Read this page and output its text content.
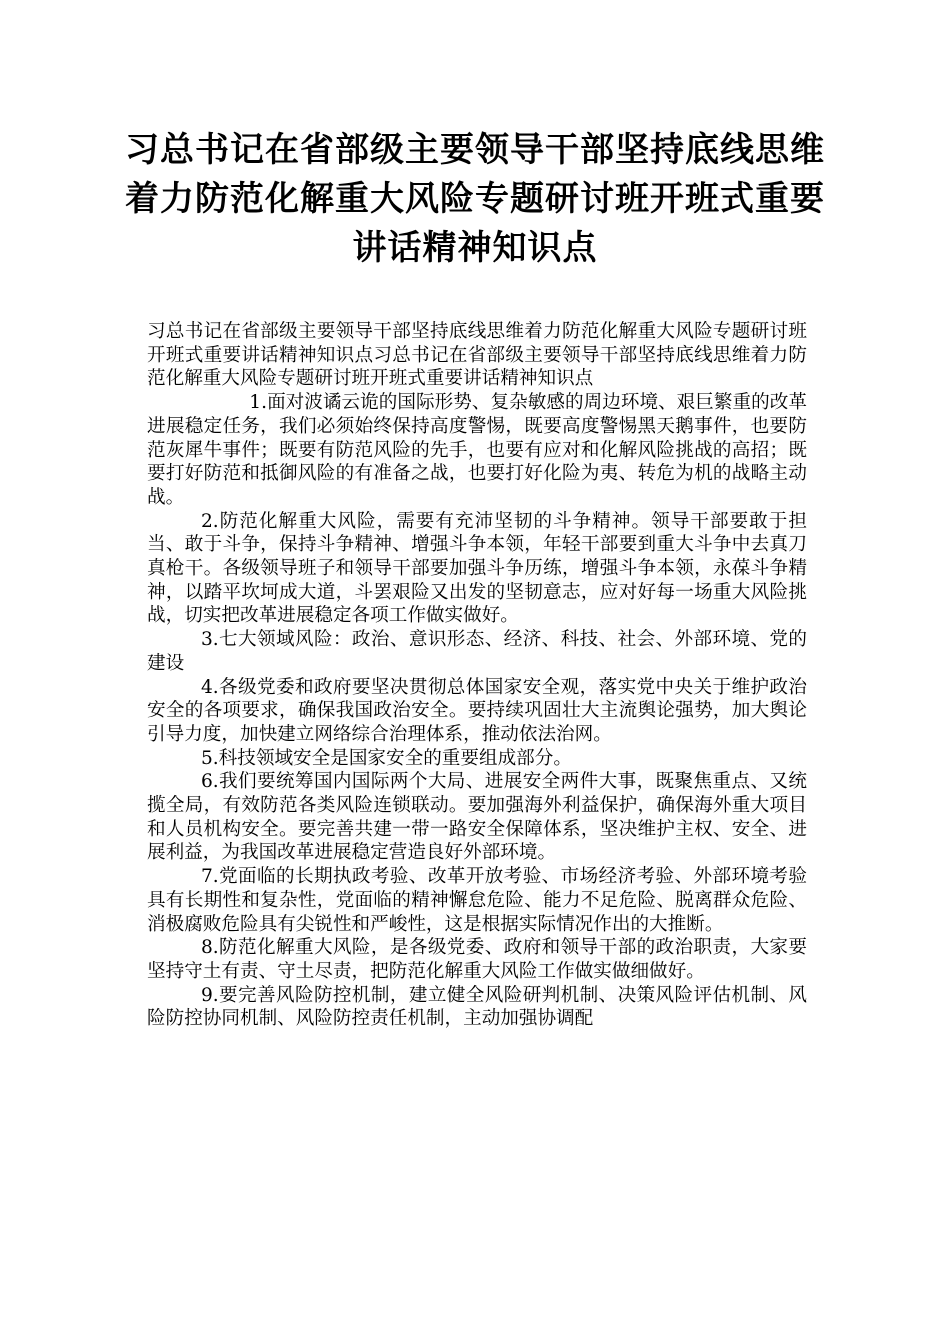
习总书记在省部级主要领导干部坚持底线思维着力防范化解重大风险专题研讨班开班式重要讲话精神知识点

习总书记在省部级主要领导干部坚持底线思维着力防范化解重大风险专题研讨班开班式重要讲话精神知识点习总书记在省部级主要领导干部坚持底线思维着力防范化解重大风险专题研讨班开班式重要讲话精神知识点

1.面对波谲云诡的国际形势、复杂敏感的周边环境、艰巨繁重的改革进展稳定任务，我们必须始终保持高度警惕，既要高度警惕黑天鹅事件，也要防范灰犀牛事件；既要有防范风险的先手，也要有应对和化解风险挑战的高招；既要打好防范和抵御风险的有准备之战，也要打好化险为夷、转危为机的战略主动战。

2.防范化解重大风险，需要有充沛坚韧的斗争精神。领导干部要敢于担当、敢于斗争，保持斗争精神、增强斗争本领，年轻干部要到重大斗争中去真刀真枪干。各级领导班子和领导干部要加强斗争历练，增强斗争本领，永葆斗争精神，以踏平坎坷成大道，斗罢艰险又出发的坚韧意志，应对好每一场重大风险挑战，切实把改革进展稳定各项工作做实做好。

3.七大领域风险：政治、意识形态、经济、科技、社会、外部环境、党的建设

4.各级党委和政府要坚决贯彻总体国家安全观，落实党中央关于维护政治安全的各项要求，确保我国政治安全。要持续巩固壮大主流舆论强势，加大舆论引导力度，加快建立网络综合治理体系，推动依法治网。

5.科技领域安全是国家安全的重要组成部分。

6.我们要统筹国内国际两个大局、进展安全两件大事，既聚焦重点、又统揽全局，有效防范各类风险连锁联动。要加强海外利益保护，确保海外重大项目和人员机构安全。要完善共建一带一路安全保障体系，坚决维护主权、安全、进展利益，为我国改革进展稳定营造良好外部环境。

7.党面临的长期执政考验、改革开放考验、市场经济考验、外部环境考验具有长期性和复杂性，党面临的精神懈怠危险、能力不足危险、脱离群众危险、消极腐败危险具有尖锐性和严峻性，这是根据实际情况作出的大推断。

8.防范化解重大风险，是各级党委、政府和领导干部的政治职责，大家要坚持守土有责、守土尽责，把防范化解重大风险工作做实做细做好。

9.要完善风险防控机制，建立健全风险研判机制、决策风险评估机制、风险防控协同机制、风险防控责任机制，主动加强协调配
